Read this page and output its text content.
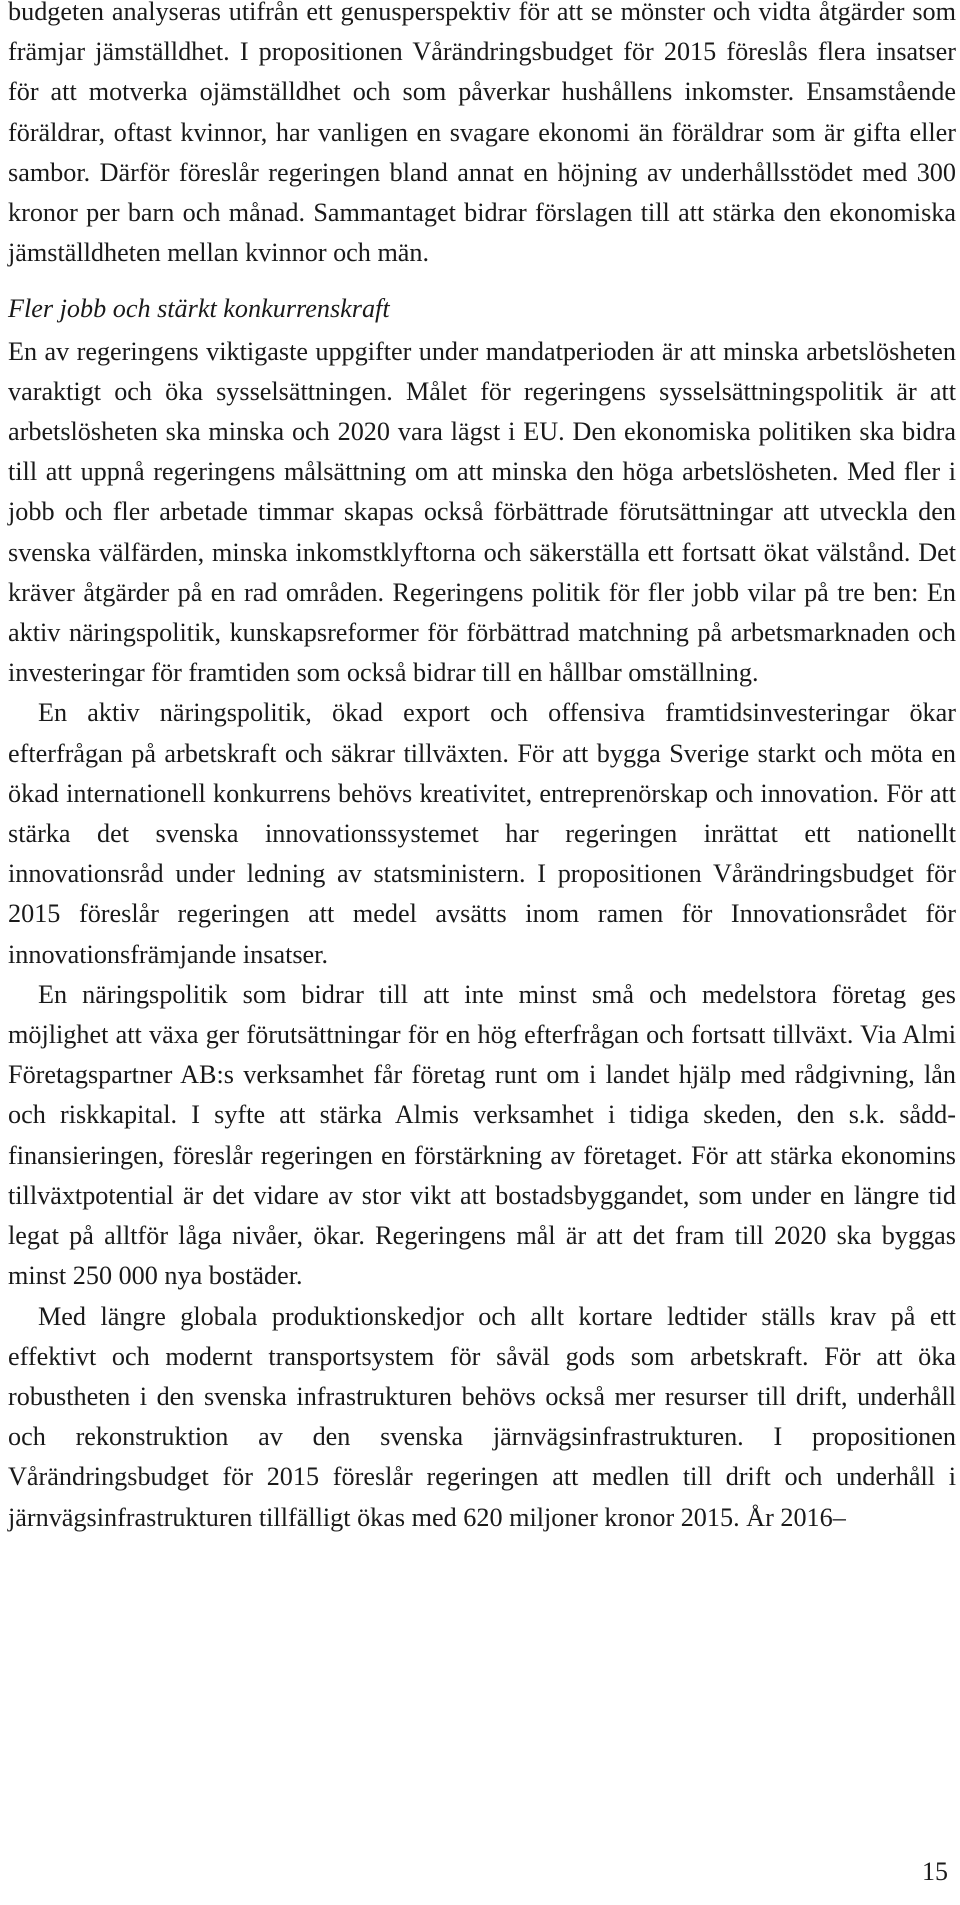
budgeten analyseras utifrån ett genusperspektiv för att se mönster och vidta åtgärder som främjar jämställdhet. I propositionen Vårändringsbudget för 2015 föreslås flera insatser för att motverka ojämställdhet och som påverkar hushållens inkomster. Ensamstående föräldrar, oftast kvinnor, har vanligen en svagare ekonomi än föräldrar som är gifta eller sambor. Därför föreslår regeringen bland annat en höjning av underhållsstödet med 300 kronor per barn och månad. Sammantaget bidrar förslagen till att stärka den ekonomiska jämställdheten mellan kvinnor och män.

Fler jobb och stärkt konkurrenskraft

En av regeringens viktigaste uppgifter under mandatperioden är att minska arbetslösheten varaktigt och öka sysselsättningen. Målet för regeringens sysselsättningspolitik är att arbetslösheten ska minska och 2020 vara lägst i EU. Den ekonomiska politiken ska bidra till att uppnå regeringens målsättning om att minska den höga arbetslösheten. Med fler i jobb och fler arbetade timmar skapas också förbättrade förutsättningar att utveckla den svenska välfärden, minska inkomstklyftorna och säkerställa ett fortsatt ökat välstånd. Det kräver åtgärder på en rad områden. Regeringens politik för fler jobb vilar på tre ben: En aktiv näringspolitik, kunskapsreformer för förbättrad matchning på arbetsmarknaden och investeringar för framtiden som också bidrar till en hållbar omställning.

En aktiv näringspolitik, ökad export och offensiva framtidsinvesteringar ökar efterfrågan på arbetskraft och säkrar tillväxten. För att bygga Sverige starkt och möta en ökad internationell konkurrens behövs kreativitet, entreprenörskap och innovation. För att stärka det svenska innovationssystemet har regeringen inrättat ett nationellt innovationsråd under ledning av statsministern. I propositionen Vårändringsbudget för 2015 föreslår regeringen att medel avsätts inom ramen för Innovationsrådet för innovationsfrämjande insatser.

En näringspolitik som bidrar till att inte minst små och medelstora företag ges möjlighet att växa ger förutsättningar för en hög efterfrågan och fortsatt tillväxt. Via Almi Företagspartner AB:s verksamhet får företag runt om i landet hjälp med rådgivning, lån och riskkapital. I syfte att stärka Almis verksamhet i tidiga skeden, den s.k. såddfinansieringen, föreslår regeringen en förstärkning av företaget. För att stärka ekonomins tillväxtpotential är det vidare av stor vikt att bostadsbyggandet, som under en längre tid legat på alltför låga nivåer, ökar. Regeringens mål är att det fram till 2020 ska byggas minst 250 000 nya bostäder.

Med längre globala produktionskedjor och allt kortare ledtider ställs krav på ett effektivt och modernt transportsystem för såväl gods som arbetskraft. För att öka robustheten i den svenska infrastrukturen behövs också mer resurser till drift, underhåll och rekonstruktion av den svenska järnvägsinfrastrukturen. I propositionen Vårändringsbudget för 2015 föreslår regeringen att medlen till drift och underhåll i järnvägsinfrastrukturen tillfälligt ökas med 620 miljoner kronor 2015. År 2016–

15
